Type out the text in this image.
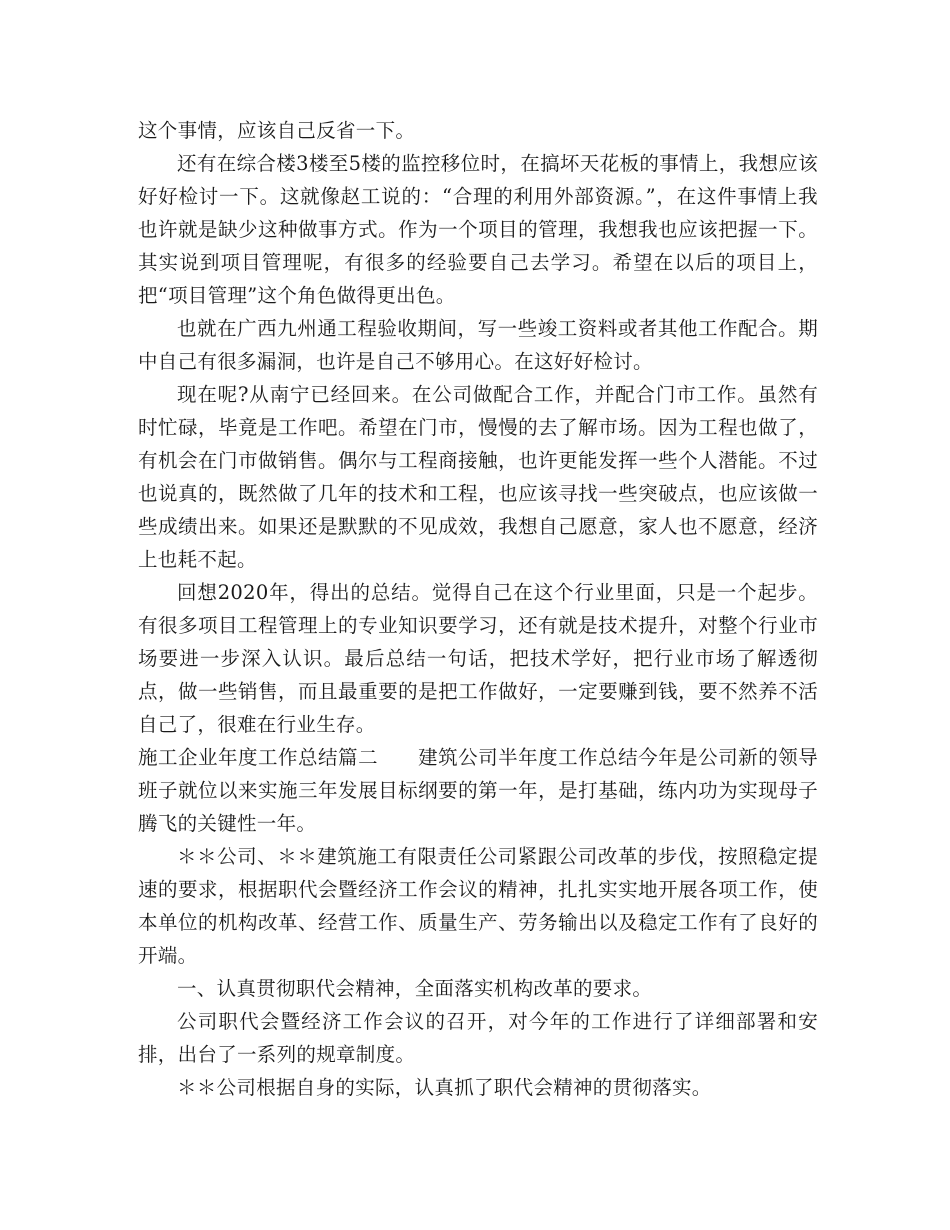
这个事情，应该自己反省一下。

还有在综合楼3楼至5楼的监控移位时，在搞坏天花板的事情上，我想应该好好检讨一下。这就像赵工说的：“合理的利用外部资源。”，在这件事情上我也许就是缺少这种做事方式。作为一个项目的管理，我想我也应该把握一下。其实说到项目管理呢，有很多的经验要自己去学习。希望在以后的项目上，把“项目管理”这个角色做得更出色。

也就在广西九州通工程验收期间，写一些竣工资料或者其他工作配合。期中自己有很多漏洞，也许是自己不够用心。在这好好检讨。

现在呢?从南宁已经回来。在公司做配合工作，并配合门市工作。虽然有时忙碌，毕竟是工作吧。希望在门市，慢慢的去了解市场。因为工程也做了，有机会在门市做销售。偶尔与工程商接触，也许更能发挥一些个人潜能。不过也说真的，既然做了几年的技术和工程，也应该寻找一些突破点，也应该做一些成绩出来。如果还是默默的不见成效，我想自己愿意，家人也不愿意，经济上也耗不起。

回想2020年，得出的总结。觉得自己在这个行业里面，只是一个起步。有很多项目工程管理上的专业知识要学习，还有就是技术提升，对整个行业市场要进一步深入认识。最后总结一句话，把技术学好，把行业市场了解透彻点，做一些销售，而且最重要的是把工作做好，一定要赚到钱，要不然养不活自己了，很难在行业生存。

施工企业年度工作总结篇二　　建筑公司半年度工作总结今年是公司新的领导班子就位以来实施三年发展目标纲要的第一年，是打基础，练内功为实现母子腾飞的关键性一年。

＊＊公司、＊＊建筑施工有限责任公司紧跟公司改革的步伐，按照稳定提速的要求，根据职代会暨经济工作会议的精神，扎扎实实地开展各项工作，使本单位的机构改革、经营工作、质量生产、劳务输出以及稳定工作有了良好的开端。

一、认真贯彻职代会精神，全面落实机构改革的要求。

公司职代会暨经济工作会议的召开，对今年的工作进行了详细部署和安排，出台了一系列的规章制度。

＊＊公司根据自身的实际，认真抓了职代会精神的贯彻落实。
